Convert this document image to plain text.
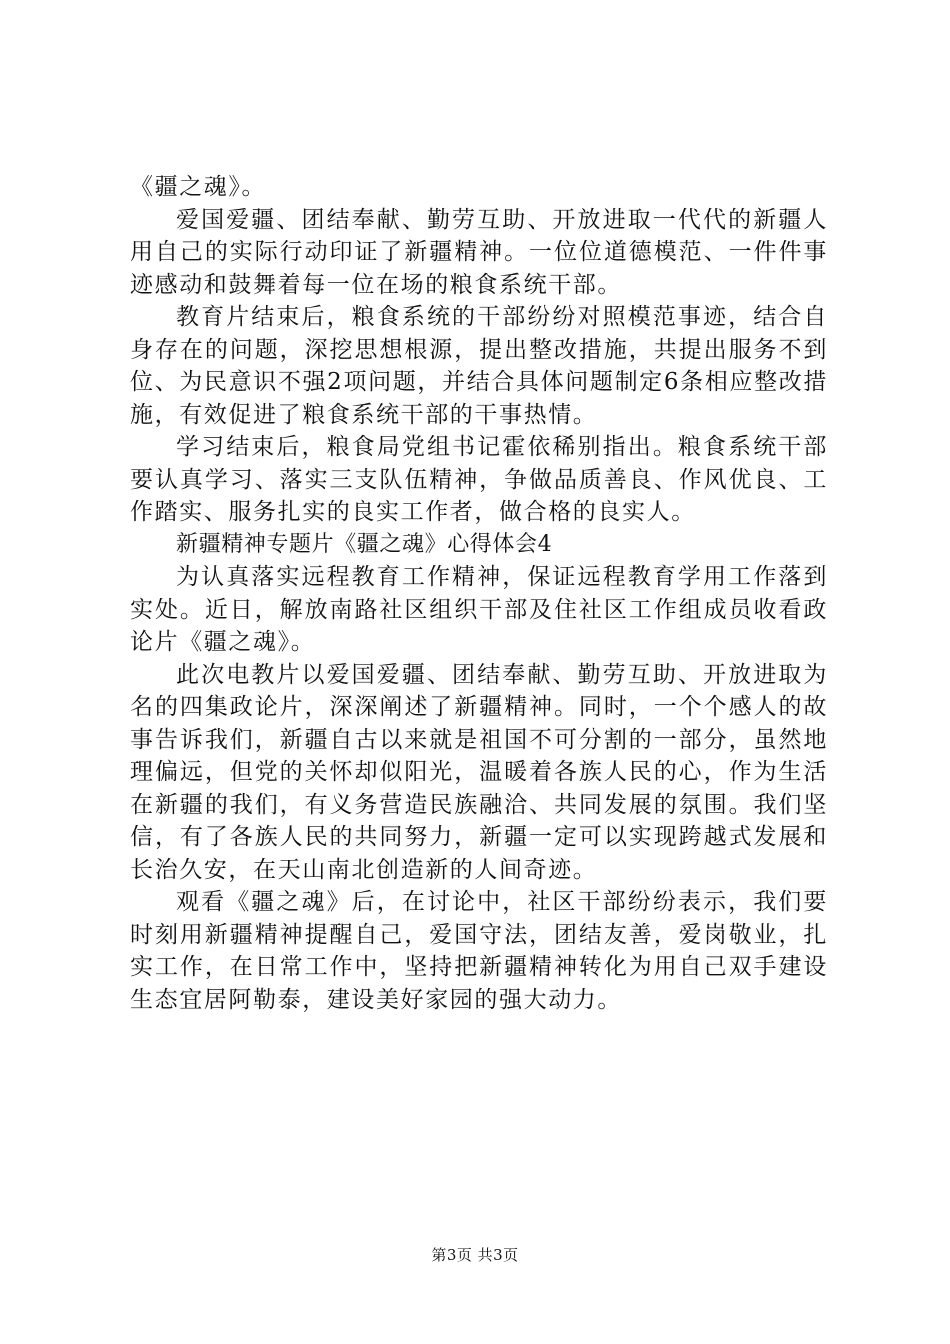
《疆之魂》。

爱国爱疆、团结奉献、勤劳互助、开放进取一代代的新疆人用自己的实际行动印证了新疆精神。一位位道德模范、一件件事迹感动和鼓舞着每一位在场的粮食系统干部。

教育片结束后，粮食系统的干部纷纷对照模范事迹，结合自身存在的问题，深挖思想根源，提出整改措施，共提出服务不到位、为民意识不强2项问题，并结合具体问题制定6条相应整改措施，有效促进了粮食系统干部的干事热情。

学习结束后，粮食局党组书记霍依稀别指出。粮食系统干部要认真学习、落实三支队伍精神，争做品质善良、作风优良、工作踏实、服务扎实的良实工作者，做合格的良实人。

新疆精神专题片《疆之魂》心得体会4

为认真落实远程教育工作精神，保证远程教育学用工作落到实处。近日，解放南路社区组织干部及住社区工作组成员收看政论片《疆之魂》。

此次电教片以爱国爱疆、团结奉献、勤劳互助、开放进取为名的四集政论片，深深阐述了新疆精神。同时，一个个感人的故事告诉我们，新疆自古以来就是祖国不可分割的一部分，虽然地理偏远，但党的关怀却似阳光，温暖着各族人民的心，作为生活在新疆的我们，有义务营造民族融洽、共同发展的氛围。我们坚信，有了各族人民的共同努力，新疆一定可以实现跨越式发展和长治久安，在天山南北创造新的人间奇迹。

观看《疆之魂》后，在讨论中，社区干部纷纷表示，我们要时刻用新疆精神提醒自己，爱国守法，团结友善，爱岗敬业，扎实工作，在日常工作中，坚持把新疆精神转化为用自己双手建设生态宜居阿勒泰，建设美好家园的强大动力。

第3页 共3页
